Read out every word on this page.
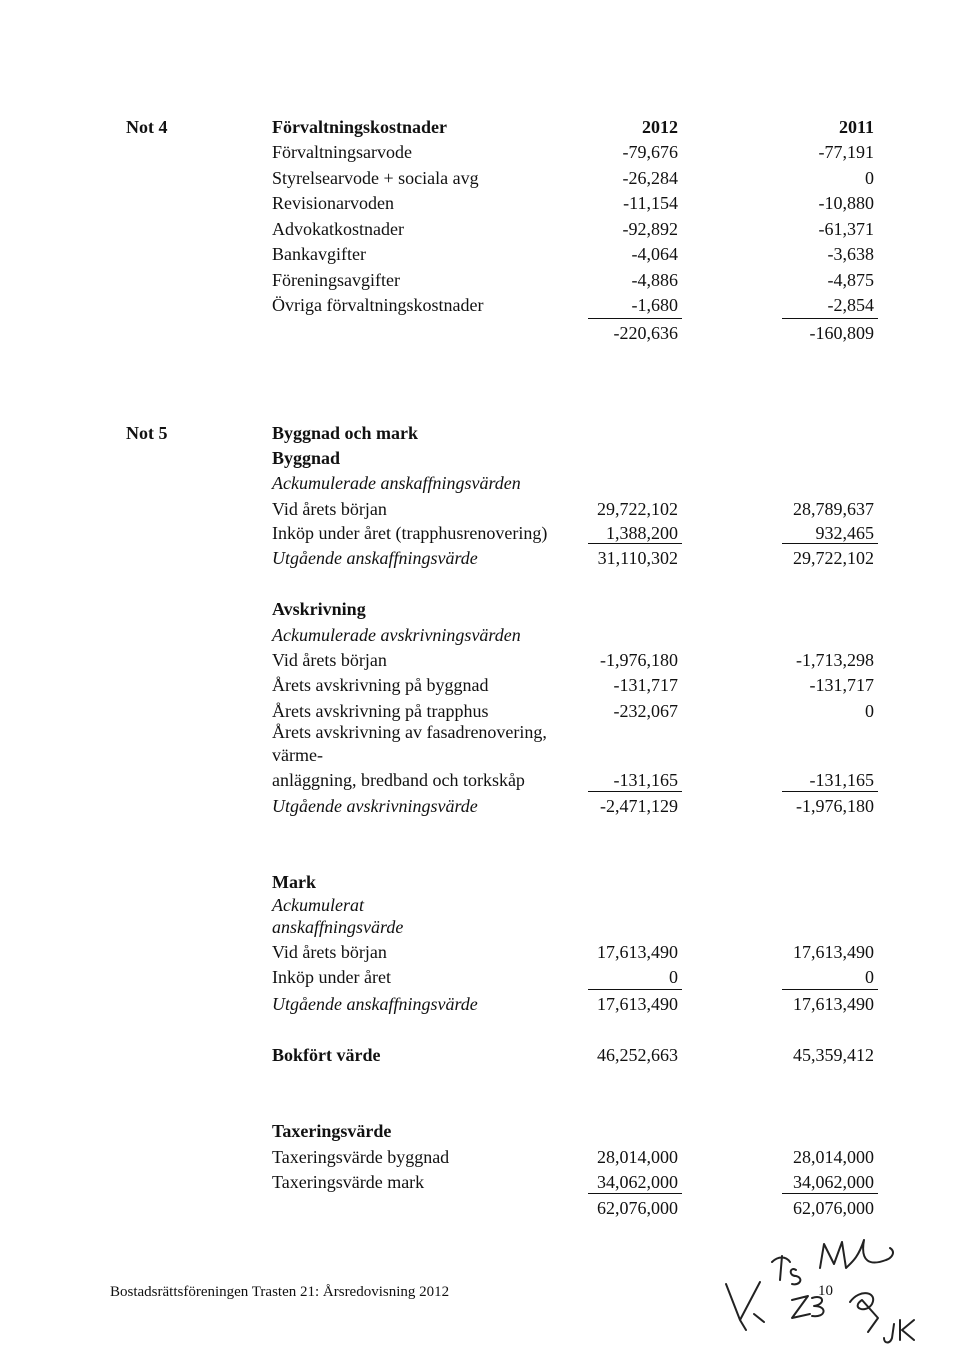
Not 4	Förvaltningskostnader	2012	2011
Förvaltningsarvode	-79,676	-77,191
Styrelsearvode + sociala avg	-26,284	0
Revisionarvoden	-11,154	-10,880
Advokatkostnader	-92,892	-61,371
Bankavgifter	-4,064	-3,638
Föreningsavgifter	-4,886	-4,875
Övriga förvaltningskostnader	-1,680	-2,854
-220,636	-160,809
Not 5	Byggnad och mark
Byggnad
Ackumulerade anskaffningsvärden
Vid årets början	29,722,102	28,789,637
Inköp under året (trapphusrenovering)	1,388,200	932,465
Utgående anskaffningsvärde	31,110,302	29,722,102
Avskrivning
Ackumulerade avskrivningsvärden
Vid årets början	-1,976,180	-1,713,298
Årets avskrivning på byggnad	-131,717	-131,717
Årets avskrivning på trapphus	-232,067	0
Årets avskrivning av fasadrenovering,
värme-
anläggning, bredband och torkskåp	-131,165	-131,165
Utgående avskrivningsvärde	-2,471,129	-1,976,180
Mark
Ackumulerat
anskaffningsvärde
Vid årets början	17,613,490	17,613,490
Inköp under året	0	0
Utgående anskaffningsvärde	17,613,490	17,613,490
Bokfört värde	46,252,663	45,359,412
Taxeringsvärde
Taxeringsvärde byggnad	28,014,000	28,014,000
Taxeringsvärde mark	34,062,000	34,062,000
62,076,000	62,076,000
Bostadsrättsföreningen Trasten 21: Årsredovisning 2012	10
